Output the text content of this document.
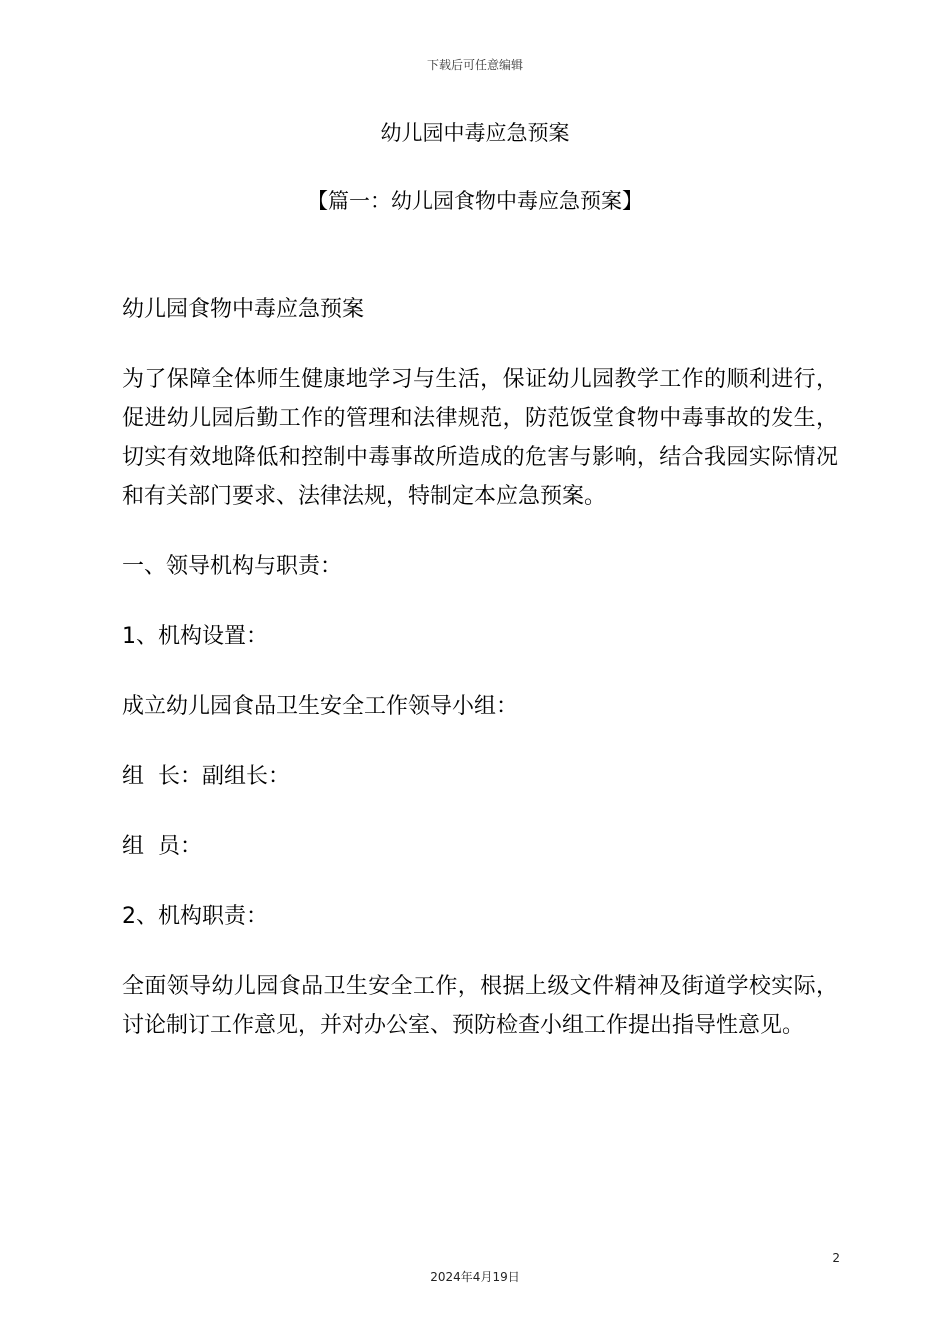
下载后可任意编辑
幼儿园中毒应急预案
【篇一：幼儿园食物中毒应急预案】

幼儿园食物中毒应急预案

为了保障全体师生健康地学习与生活，保证幼儿园教学工作的顺利进行，促进幼儿园后勤工作的管理和法律规范，防范饭堂食物中毒事故的发生，切实有效地降低和控制中毒事故所造成的危害与影响，结合我园实际情况和有关部门要求、法律法规，特制定本应急预案。

一、领导机构与职责：

1、机构设置：

成立幼儿园食品卫生安全工作领导小组：

组  长：副组长：

组  员：

2、机构职责：

全面领导幼儿园食品卫生安全工作，根据上级文件精神及街道学校实际，讨论制订工作意见，并对办公室、预防检查小组工作提出指导性意见。

2
2024年4月19日
